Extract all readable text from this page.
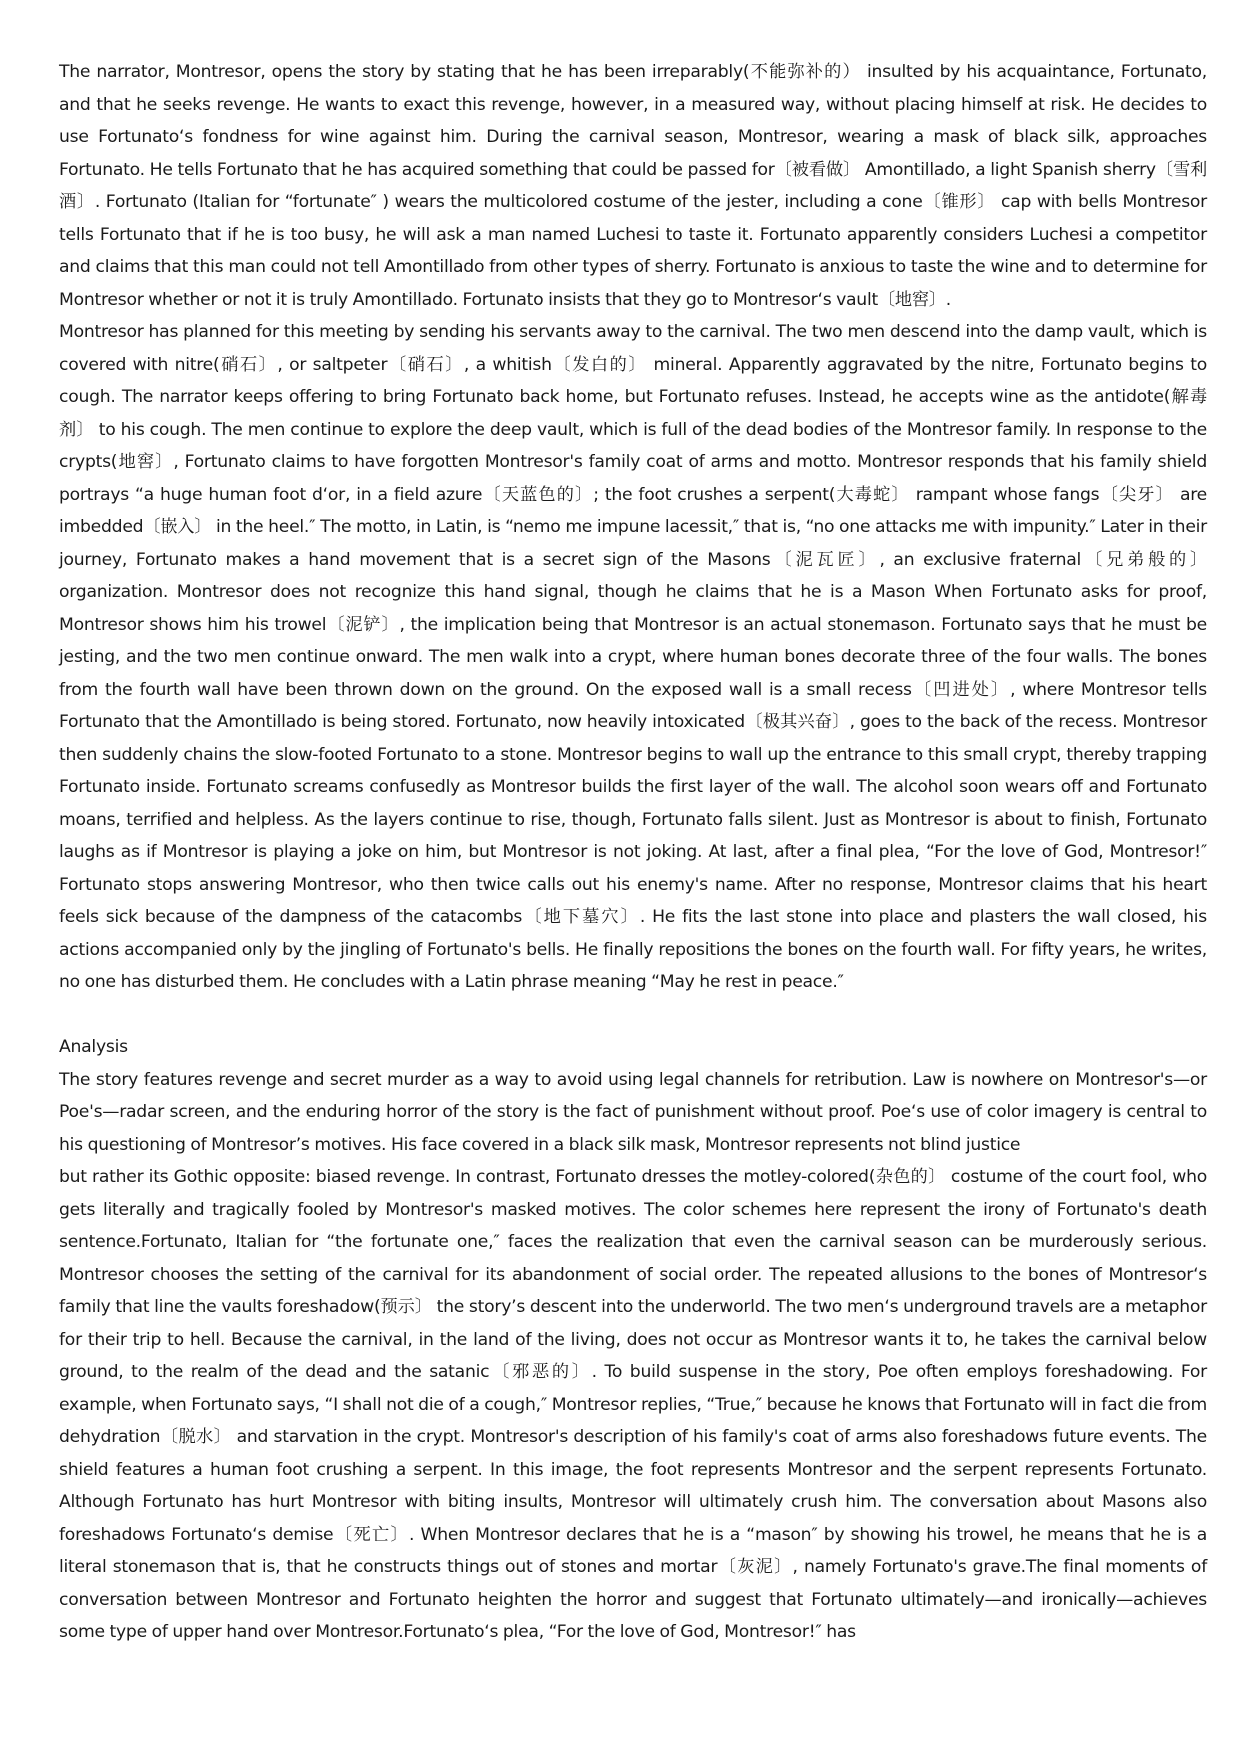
The narrator, Montresor, opens the story by stating that he has been irreparably(不能弥补的） insulted by his acquaintance, Fortunato, and that he seeks revenge. He wants to exact this revenge, however, in a measured way, without placing himself at risk. He decides to use Fortunato‘s fondness for wine against him. During the carnival season, Montresor, wearing a mask of black silk, approaches Fortunato. He tells Fortunato that he has acquired something that could be passed for〔被看做〕 Amontillado, a light Spanish sherry〔雪利酒〕. Fortunato (Italian for “fortunate″ ) wears the multicolored costume of the jester, including a cone〔锥形〕 cap with bells Montresor tells Fortunato that if he is too busy, he will ask a man named Luchesi to taste it. Fortunato apparently considers Luchesi a competitor and claims that this man could not tell Amontillado from other types of sherry. Fortunato is anxious to taste the wine and to determine for Montresor whether or not it is truly Amontillado. Fortunato insists that they go to Montresor‘s vault〔地窖〕.

Montresor has planned for this meeting by sending his servants away to the carnival. The two men descend into the damp vault, which is covered with nitre(硝石〕, or saltpeter〔硝石〕, a whitish〔发白的〕 mineral. Apparently aggravated by the nitre, Fortunato begins to cough. The narrator keeps offering to bring Fortunato back home, but Fortunato refuses. Instead, he accepts wine as the antidote(解毒剂〕 to his cough. The men continue to explore the deep vault, which is full of the dead bodies of the Montresor family. In response to the crypts(地窖〕, Fortunato claims to have forgotten Montresor's family coat of arms and motto. Montresor responds that his family shield portrays “a huge human foot d‘or, in a field azure〔天蓝色的〕; the foot crushes a serpent(大毒蛇〕 rampant whose fangs〔尖牙〕 are imbedded〔嵌入〕 in the heel.″ The motto, in Latin, is “nemo me impune lacessit,″ that is, “no one attacks me with impunity.″ Later in their journey, Fortunato makes a hand movement that is a secret sign of the Masons〔泥瓦匠〕, an exclusive fraternal〔兄弟般的〕 organization. Montresor does not recognize this hand signal, though he claims that he is a Mason When Fortunato asks for proof, Montresor shows him his trowel〔泥铲〕, the implication being that Montresor is an actual stonemason. Fortunato says that he must be jesting, and the two men continue onward. The men walk into a crypt, where human bones decorate three of the four walls. The bones from the fourth wall have been thrown down on the ground. On the exposed wall is a small recess〔凹进处〕, where Montresor tells Fortunato that the Amontillado is being stored. Fortunato, now heavily intoxicated〔极其兴奋〕, goes to the back of the recess. Montresor then suddenly chains the slow-footed Fortunato to a stone. Montresor begins to wall up the entrance to this small crypt, thereby trapping Fortunato inside. Fortunato screams confusedly as Montresor builds the first layer of the wall. The alcohol soon wears off and Fortunato moans, terrified and helpless. As the layers continue to rise, though, Fortunato falls silent. Just as Montresor is about to finish, Fortunato laughs as if Montresor is playing a joke on him, but Montresor is not joking. At last, after a final plea, “For the love of God, Montresor!″ Fortunato stops answering Montresor, who then twice calls out his enemy's name. After no response, Montresor claims that his heart feels sick because of the dampness of the catacombs〔地下墓穴〕. He fits the last stone into place and plasters the wall closed, his actions accompanied only by the jingling of Fortunato's bells. He finally repositions the bones on the fourth wall. For fifty years, he writes, no one has disturbed them. He concludes with a Latin phrase meaning “May he rest in peace.″

Analysis

The story features revenge and secret murder as a way to avoid using legal channels for retribution. Law is nowhere on Montresor's—or Poe's—radar screen, and the enduring horror of the story is the fact of punishment without proof. Poe‘s use of color imagery is central to his questioning of Montresor’s motives. His face covered in a black silk mask, Montresor represents not blind justice

but rather its Gothic opposite: biased revenge. In contrast, Fortunato dresses the motley-colored(杂色的〕 costume of the court fool, who gets literally and tragically fooled by Montresor's masked motives. The color schemes here represent the irony of Fortunato's death sentence.Fortunato, Italian for “the fortunate one,″ faces the realization that even the carnival season can be murderously serious. Montresor chooses the setting of the carnival for its abandonment of social order. The repeated allusions to the bones of Montresor‘s family that line the vaults foreshadow(预示〕 the story’s descent into the underworld. The two men‘s underground travels are a metaphor for their trip to hell. Because the carnival, in the land of the living, does not occur as Montresor wants it to, he takes the carnival below ground, to the realm of the dead and the satanic〔邪恶的〕. To build suspense in the story, Poe often employs foreshadowing. For example, when Fortunato says, “I shall not die of a cough,″ Montresor replies, “True,″ because he knows that Fortunato will in fact die from dehydration〔脱水〕 and starvation in the crypt. Montresor's description of his family's coat of arms also foreshadows future events. The shield features a human foot crushing a serpent. In this image, the foot represents Montresor and the serpent represents Fortunato. Although Fortunato has hurt Montresor with biting insults, Montresor will ultimately crush him. The conversation about Masons also foreshadows Fortunato‘s demise〔死亡〕. When Montresor declares that he is a “mason″ by showing his trowel, he means that he is a literal stonemason that is, that he constructs things out of stones and mortar〔灰泥〕, namely Fortunato's grave.The final moments of conversation between Montresor and Fortunato heighten the horror and suggest that Fortunato ultimately—and ironically—achieves some type of upper hand over Montresor.Fortunato‘s plea, “For the love of God, Montresor!″ has
